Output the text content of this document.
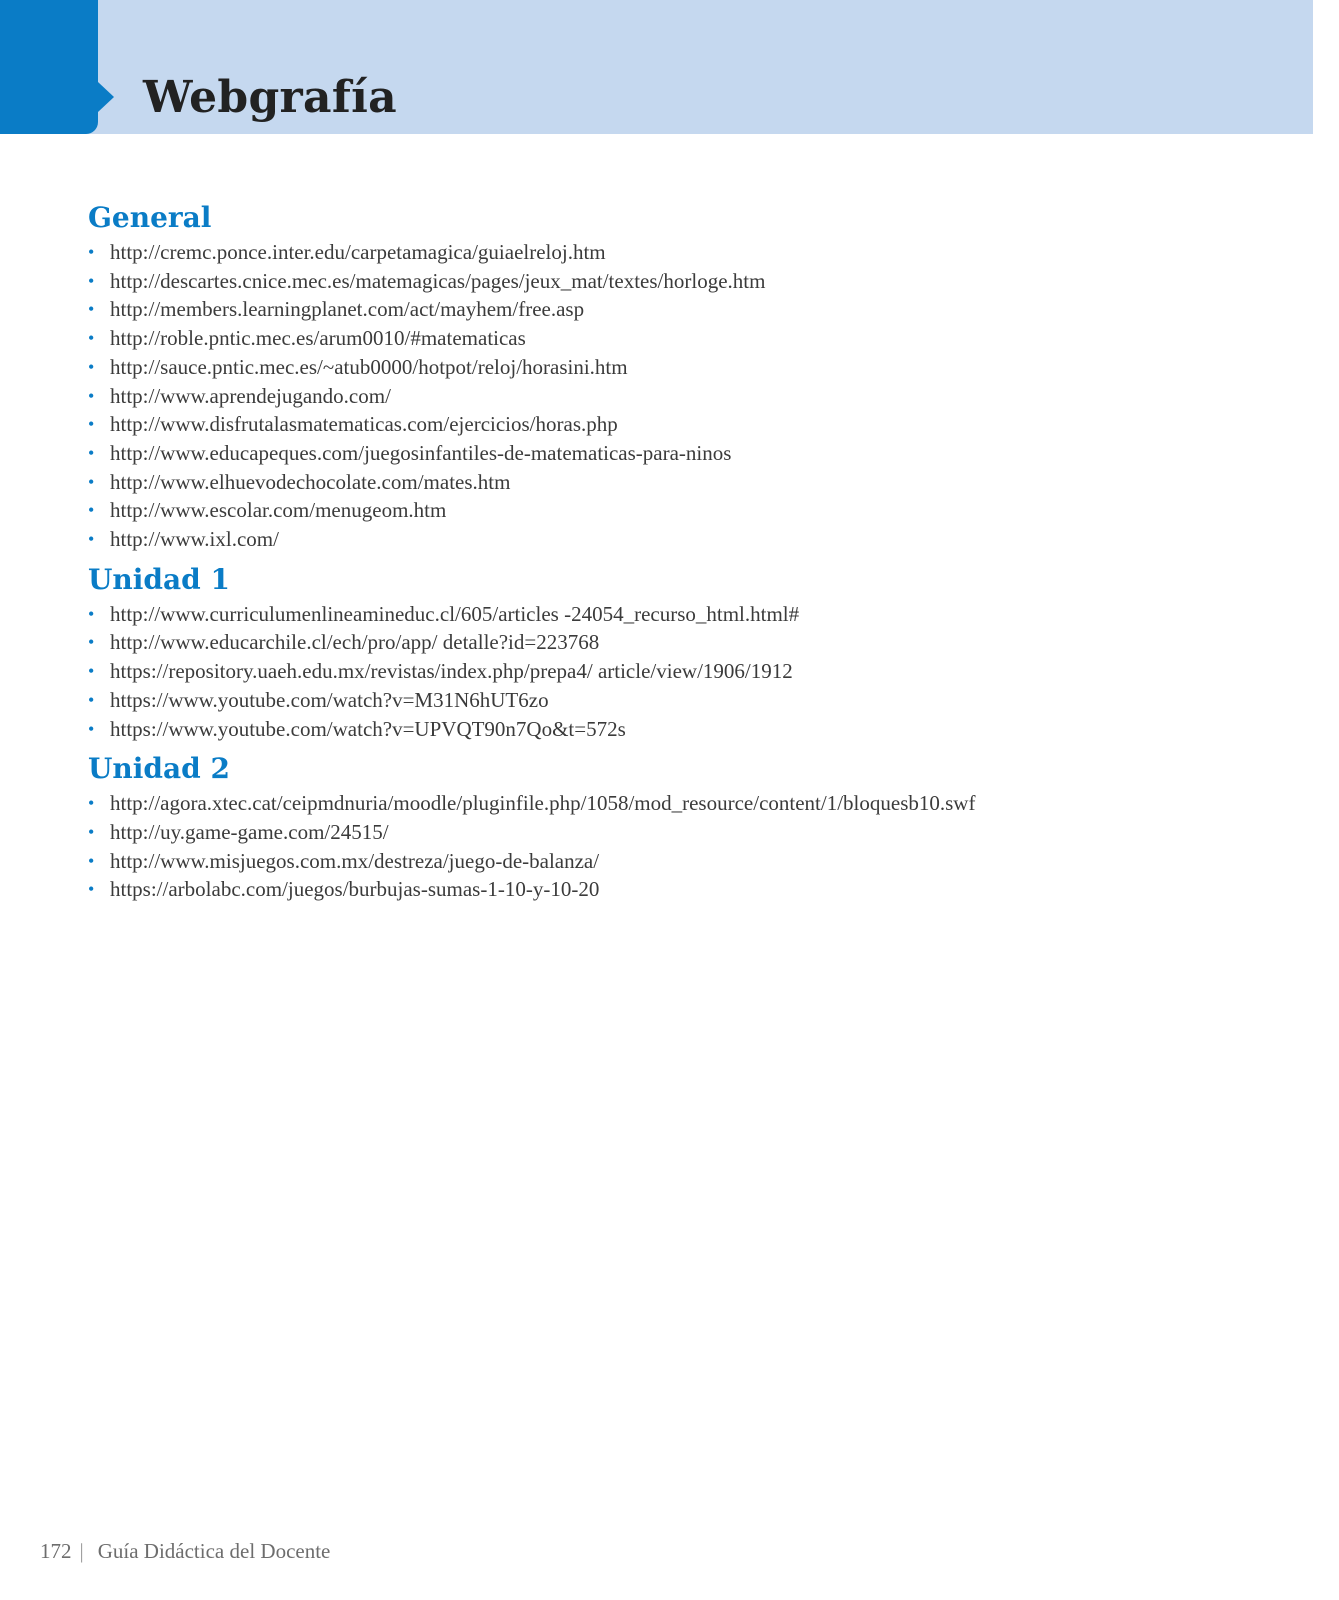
Webgrafía
General
• http://cremc.ponce.inter.edu/carpetamagica/guiaelreloj.htm
• http://descartes.cnice.mec.es/matemagicas/pages/jeux_mat/textes/horloge.htm
• http://members.learningplanet.com/act/mayhem/free.asp
• http://roble.pntic.mec.es/arum0010/#matematicas
• http://sauce.pntic.mec.es/~atub0000/hotpot/reloj/horasini.htm
• http://www.aprendejugando.com/
• http://www.disfrutalasmatematicas.com/ejercicios/horas.php
• http://www.educapeques.com/juegosinfantiles-de-matematicas-para-ninos
• http://www.elhuevodechocolate.com/mates.htm
• http://www.escolar.com/menugeom.htm
• http://www.ixl.com/
Unidad 1
• http://www.curriculumenlineamineduc.cl/605/articles -24054_recurso_html.html#
• http://www.educarchile.cl/ech/pro/app/ detalle?id=223768
• https://repository.uaeh.edu.mx/revistas/index.php/prepa4/ article/view/1906/1912
• https://www.youtube.com/watch?v=M31N6hUT6zo
• https://www.youtube.com/watch?v=UPVQT90n7Qo&t=572s
Unidad 2
• http://agora.xtec.cat/ceipmdnuria/moodle/pluginfile.php/1058/mod_resource/content/1/bloquesb10.swf
• http://uy.game-game.com/24515/
• http://www.misjuegos.com.mx/destreza/juego-de-balanza/
• https://arbolabc.com/juegos/burbujas-sumas-1-10-y-10-20
172 | Guía Didáctica del Docente
